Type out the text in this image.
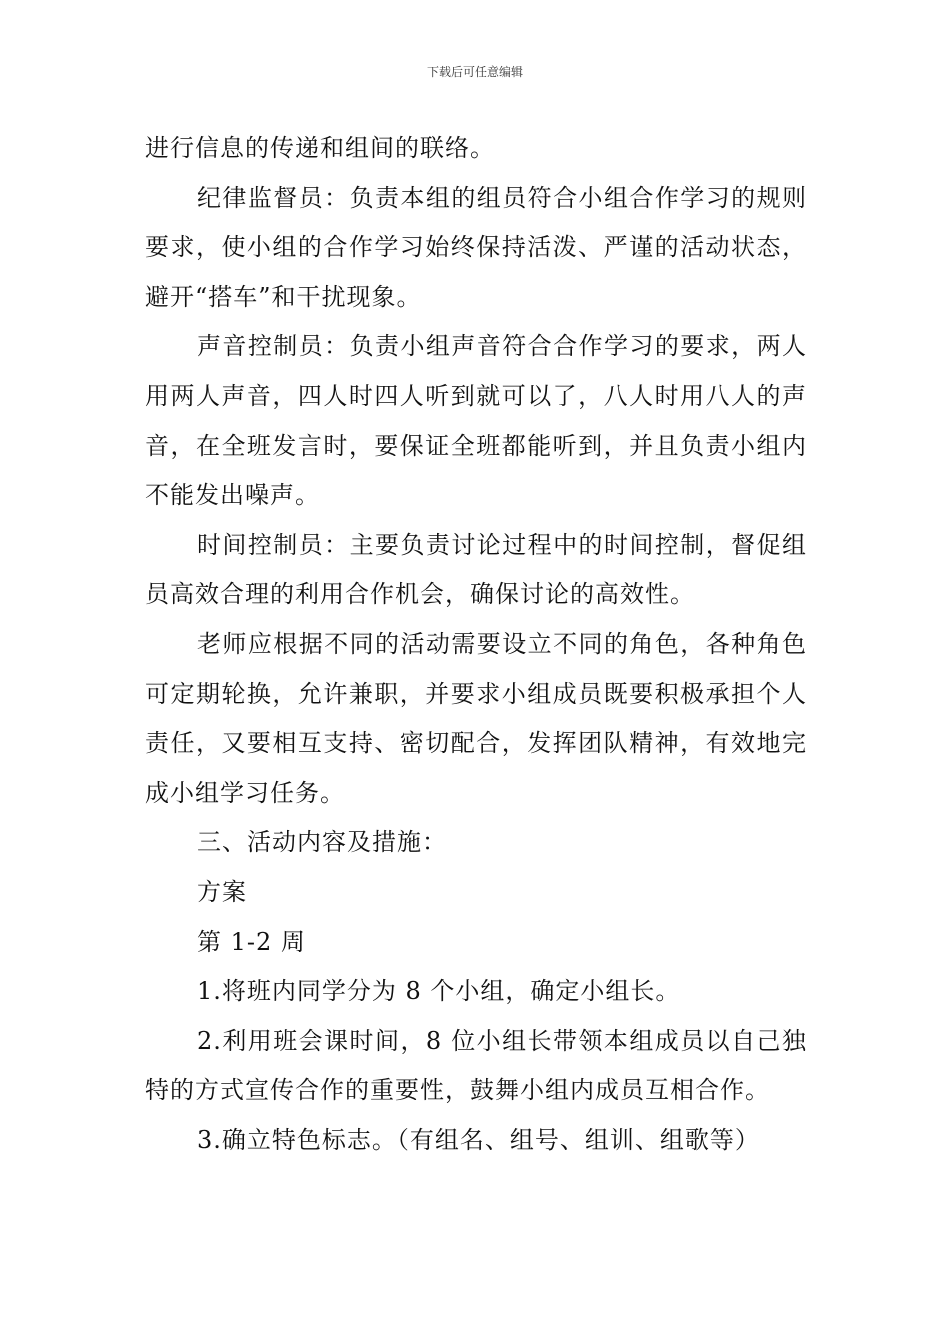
下载后可任意编辑

进行信息的传递和组间的联络。

纪律监督员：负责本组的组员符合小组合作学习的规则要求，使小组的合作学习始终保持活泼、严谨的活动状态，避开“搭车”和干扰现象。

声音控制员：负责小组声音符合合作学习的要求，两人用两人声音，四人时四人听到就可以了，八人时用八人的声音，在全班发言时，要保证全班都能听到，并且负责小组内不能发出噪声。

时间控制员：主要负责讨论过程中的时间控制，督促组员高效合理的利用合作机会，确保讨论的高效性。

老师应根据不同的活动需要设立不同的角色，各种角色可定期轮换，允许兼职，并要求小组成员既要积极承担个人责任，又要相互支持、密切配合，发挥团队精神，有效地完成小组学习任务。

三、活动内容及措施：

方案

第 1-2 周

1.将班内同学分为 8 个小组，确定小组长。

2.利用班会课时间，8 位小组长带领本组成员以自己独特的方式宣传合作的重要性，鼓舞小组内成员互相合作。

3.确立特色标志。（有组名、组号、组训、组歌等）
